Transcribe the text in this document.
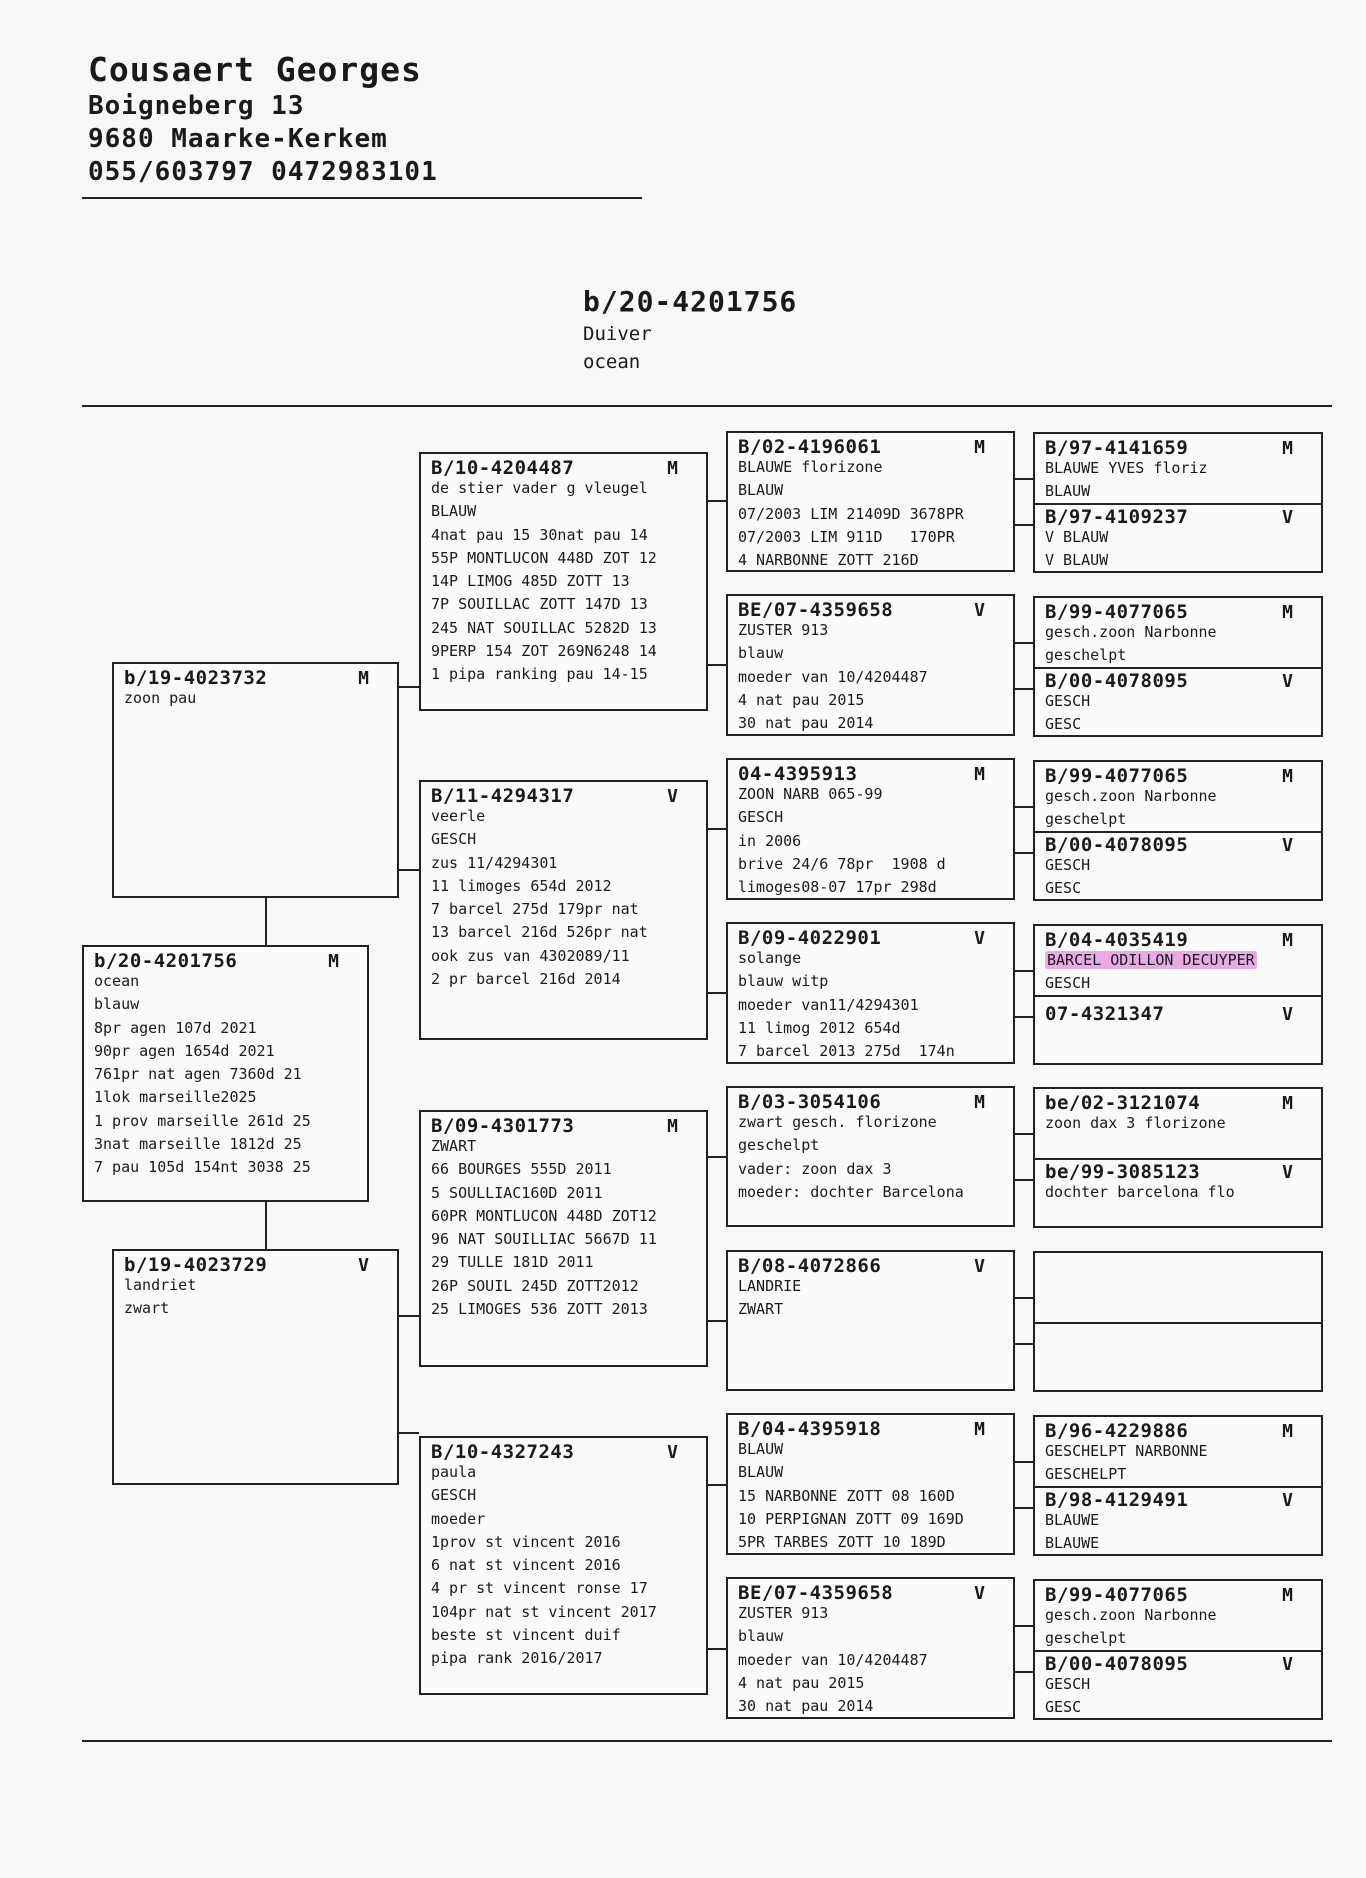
Cousaert Georges
Boigneberg 13
9680 Maarke-Kerkem
055/603797 0472983101
b/20-4201756
Duiver
ocean
b/20-4201756	M
ocean
blauw
8pr agen 107d 2021
90pr agen 1654d 2021
761pr nat agen 7360d 21
1lok marseille2025
1 prov marseille 261d 25
3nat marseille 1812d 25
7 pau 105d 154nt 3038 25
b/19-4023732	M
zoon pau
b/19-4023729	V
landriet
zwart
B/10-4204487	M
de stier vader g vleugel
BLAUW
4nat pau 15 30nat pau 14
55P MONTLUCON 448D ZOT 12
14P LIMOG 485D ZOTT 13
7P SOUILLAC ZOTT 147D 13
245 NAT SOUILLAC 5282D 13
9PERP 154 ZOT 269N6248 14
1 pipa ranking pau 14-15
B/11-4294317	V
veerle
GESCH
zus 11/4294301
11 limoges 654d 2012
7 barcel 275d 179pr nat
13 barcel 216d 526pr nat
ook zus van 4302089/11
2 pr barcel 216d 2014
B/09-4301773	M
ZWART
66 BOURGES 555D 2011
5 SOULLIAC160D 2011
60PR MONTLUCON 448D ZOT12
96 NAT SOUILLIAC 5667D 11
29 TULLE 181D 2011
26P SOUIL 245D ZOTT2012
25 LIMOGES 536 ZOTT 2013
B/10-4327243	V
paula
GESCH
moeder
1prov st vincent 2016
6 nat st vincent 2016
4 pr st vincent ronse 17
104pr nat st vincent 2017
beste st vincent duif
pipa rank 2016/2017
B/02-4196061	M
BLAUWE florizone
BLAUW
07/2003 LIM 21409D 3678PR
07/2003 LIM 911D   170PR
4 NARBONNE ZOTT 216D
BE/07-4359658	V
ZUSTER 913
blauw
moeder van 10/4204487
4 nat pau 2015
30 nat pau 2014
04-4395913	M
ZOON NARB 065-99
GESCH
in 2006
brive 24/6 78pr  1908 d
limoges08-07 17pr 298d
B/09-4022901	V
solange
blauw witp
moeder van11/4294301
11 limog 2012 654d
7 barcel 2013 275d  174n
B/03-3054106	M
zwart gesch. florizone
geschelpt
vader: zoon dax 3
moeder: dochter Barcelona
B/08-4072866	V
LANDRIE
ZWART
B/04-4395918	M
BLAUW
BLAUW
15 NARBONNE ZOTT 08 160D
10 PERPIGNAN ZOTT 09 169D
5PR TARBES ZOTT 10 189D
BE/07-4359658	V
ZUSTER 913
blauw
moeder van 10/4204487
4 nat pau 2015
30 nat pau 2014
B/97-4141659	M
BLAUWE YVES floriz
BLAUW
B/97-4109237	V
V BLAUW
V BLAUW
B/99-4077065	M
gesch.zoon Narbonne
geschelpt
B/00-4078095	V
GESCH
GESC
B/99-4077065	M
gesch.zoon Narbonne
geschelpt
B/00-4078095	V
GESCH
GESC
B/04-4035419	M
BARCEL ODILLON DECUYPER
GESCH
07-4321347	V
be/02-3121074	M
zoon dax 3 florizone
be/99-3085123	V
dochter barcelona flo
B/96-4229886	M
GESCHELPT NARBONNE
GESCHELPT
B/98-4129491	V
BLAUWE
BLAUWE
B/99-4077065	M
gesch.zoon Narbonne
geschelpt
B/00-4078095	V
GESCH
GESC
